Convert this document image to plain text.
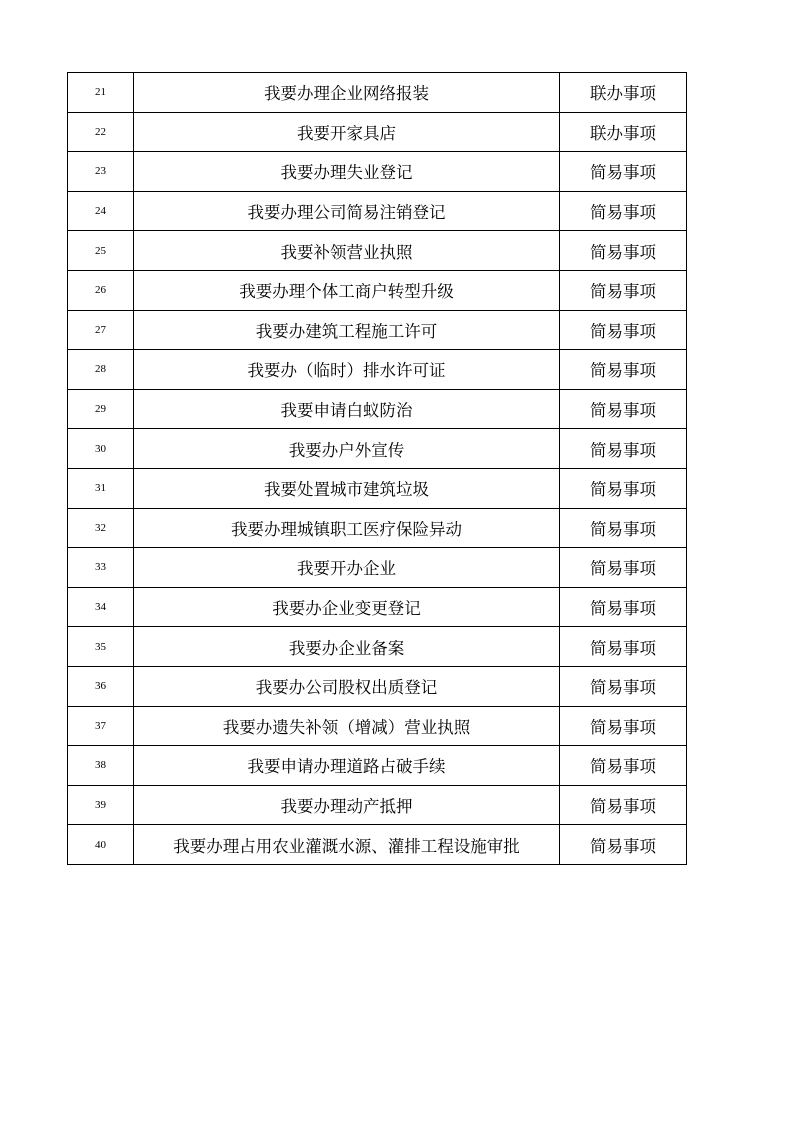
21	我要办理企业网络报装	联办事项
22	我要开家具店	联办事项
23	我要办理失业登记	简易事项
24	我要办理公司简易注销登记	简易事项
25	我要补领营业执照	简易事项
26	我要办理个体工商户转型升级	简易事项
27	我要办建筑工程施工许可	简易事项
28	我要办（临时）排水许可证	简易事项
29	我要申请白蚁防治	简易事项
30	我要办户外宣传	简易事项
31	我要处置城市建筑垃圾	简易事项
32	我要办理城镇职工医疗保险异动	简易事项
33	我要开办企业	简易事项
34	我要办企业变更登记	简易事项
35	我要办企业备案	简易事项
36	我要办公司股权出质登记	简易事项
37	我要办遗失补领（增减）营业执照	简易事项
38	我要申请办理道路占破手续	简易事项
39	我要办理动产抵押	简易事项
40	我要办理占用农业灌溉水源、灌排工程设施审批	简易事项
